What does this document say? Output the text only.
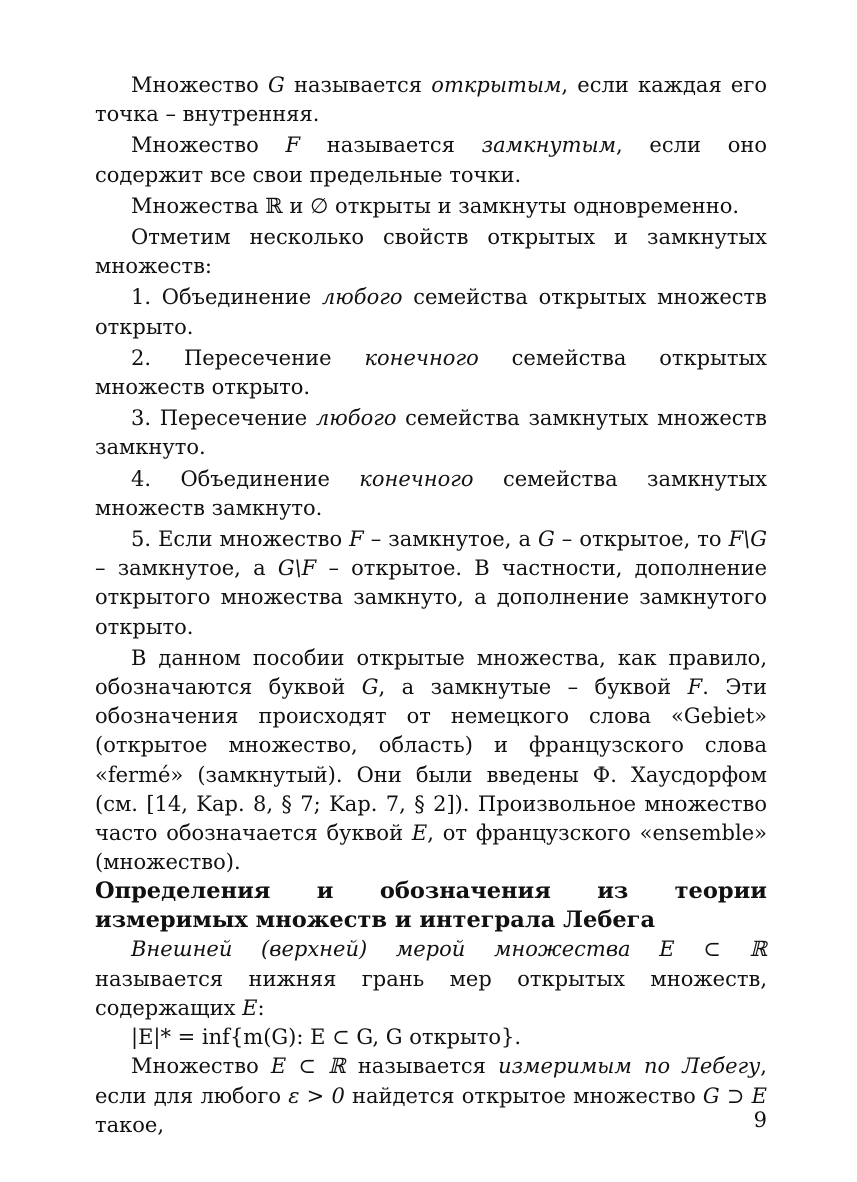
Множество G называется открытым, если каждая его точка – внутренняя.

Множество F называется замкнутым, если оно содержит все свои предельные точки.

Множества ℝ и ∅ открыты и замкнуты одновременно.

Отметим несколько свойств открытых и замкнутых множеств:

1. Объединение любого семейства открытых множеств открыто.

2. Пересечение конечного семейства открытых множеств открыто.

3. Пересечение любого семейства замкнутых множеств замкнуто.

4. Объединение конечного семейства замкнутых множеств замкнуто.

5. Если множество F – замкнутое, а G – открытое, то F\G – замкнутое, а G\F – открытое. В частности, дополнение открытого множества замкнуто, а дополнение замкнутого открыто.

В данном пособии открытые множества, как правило, обозначаются буквой G, а замкнутые – буквой F. Эти обозначения происходят от немецкого слова «Gebiet» (открытое множество, область) и французского слова «fermé» (замкнутый). Они были введены Ф. Хаусдорфом (см. [14, Kap. 8, § 7; Kap. 7, § 2]). Произвольное множество часто обозначается буквой E, от французского «ensemble» (множество).

Определения и обозначения из теории измеримых множеств и интеграла Лебега

Внешней (верхней) мерой множества E ⊂ ℝ называется нижняя грань мер открытых множеств, содержащих E:

|E|* = inf{m(G): E ⊂ G, G открыто}.

Множество E ⊂ ℝ называется измеримым по Лебегу, если для любого ε > 0 найдется открытое множество G ⊃ E такое,	9
